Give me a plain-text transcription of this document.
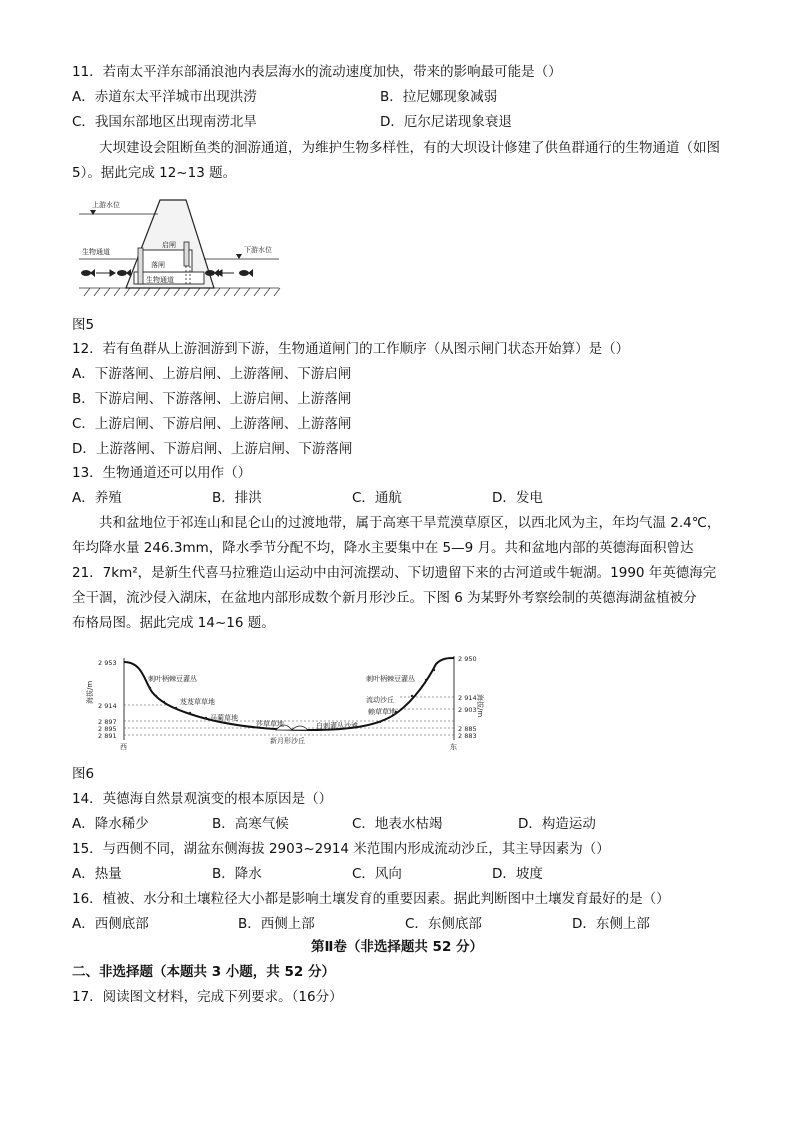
11．若南太平洋东部涌浪池内表层海水的流动速度加快，带来的影响最可能是（）
A．赤道东太平洋城市出现洪涝	B．拉尼娜现象减弱
C．我国东部地区出现南涝北旱	D．厄尔尼诺现象衰退
大坝建设会阻断鱼类的洄游通道，为维护生物多样性，有的大坝设计修建了供鱼群通行的生物通道（如图5）。据此完成 12~13 题。
上游水位
下游水位
生物通道
生物通道
落闸
启闸
图5
12．若有鱼群从上游洄游到下游，生物通道闸门的工作顺序（从图示闸门状态开始算）是（）
A．下游落闸、上游启闸、上游落闸、下游启闸
B．下游启闸、下游落闸、上游启闸、上游落闸
C．上游启闸、下游启闸、上游落闸、上游落闸
D．上游落闸、下游启闸、上游启闸、下游落闸
13．生物通道还可以用作（）
A．养殖	B．排洪	C．通航	D．发电
共和盆地位于祁连山和昆仑山的过渡地带，属于高寒干旱荒漠草原区，以西北风为主，年均气温 2.4℃，
年均降水量 246.3mm，降水季节分配不均，降水主要集中在 5—9 月。共和盆地内部的英德海面积曾达
21．7km²，是新生代喜马拉雅造山运动中由河流摆动、下切遗留下来的古河道或牛轭湖。1990 年英德海完
全干涸，流沙侵入湖床，在盆地内部形成数个新月形沙丘。下图 6 为某野外考察绘制的英德海湖盆植被分
布格局图。据此完成 14~16 题。
海拔/m
海拔/m
2 953
2 914
2 897
2 895
2 891
2 950
2 914
2 903
2 885
2 883
刺叶柄棘豆灌丛
芨芨草草地
马蔺草地
莎草草地
新月形沙丘
白刺灌丛沙滩
刺叶柄棘豆灌丛
流动沙丘
赖草草地
西	东
图6
14．英德海自然景观演变的根本原因是（）
A．降水稀少	B．高寒气候	C．地表水枯竭	D．构造运动
15．与西侧不同，湖盆东侧海拔 2903~2914 米范围内形成流动沙丘，其主导因素为（）
A．热量	B．降水	C．风向	D．坡度
16．植被、水分和土壤粒径大小都是影响土壤发育的重要因素。据此判断图中土壤发育最好的是（）
A．西侧底部	B．西侧上部	C．东侧底部	D．东侧上部
第Ⅱ卷（非选择题共 52 分）
二、非选择题（本题共 3 小题，共 52 分）
17．阅读图文材料，完成下列要求。（16分）
